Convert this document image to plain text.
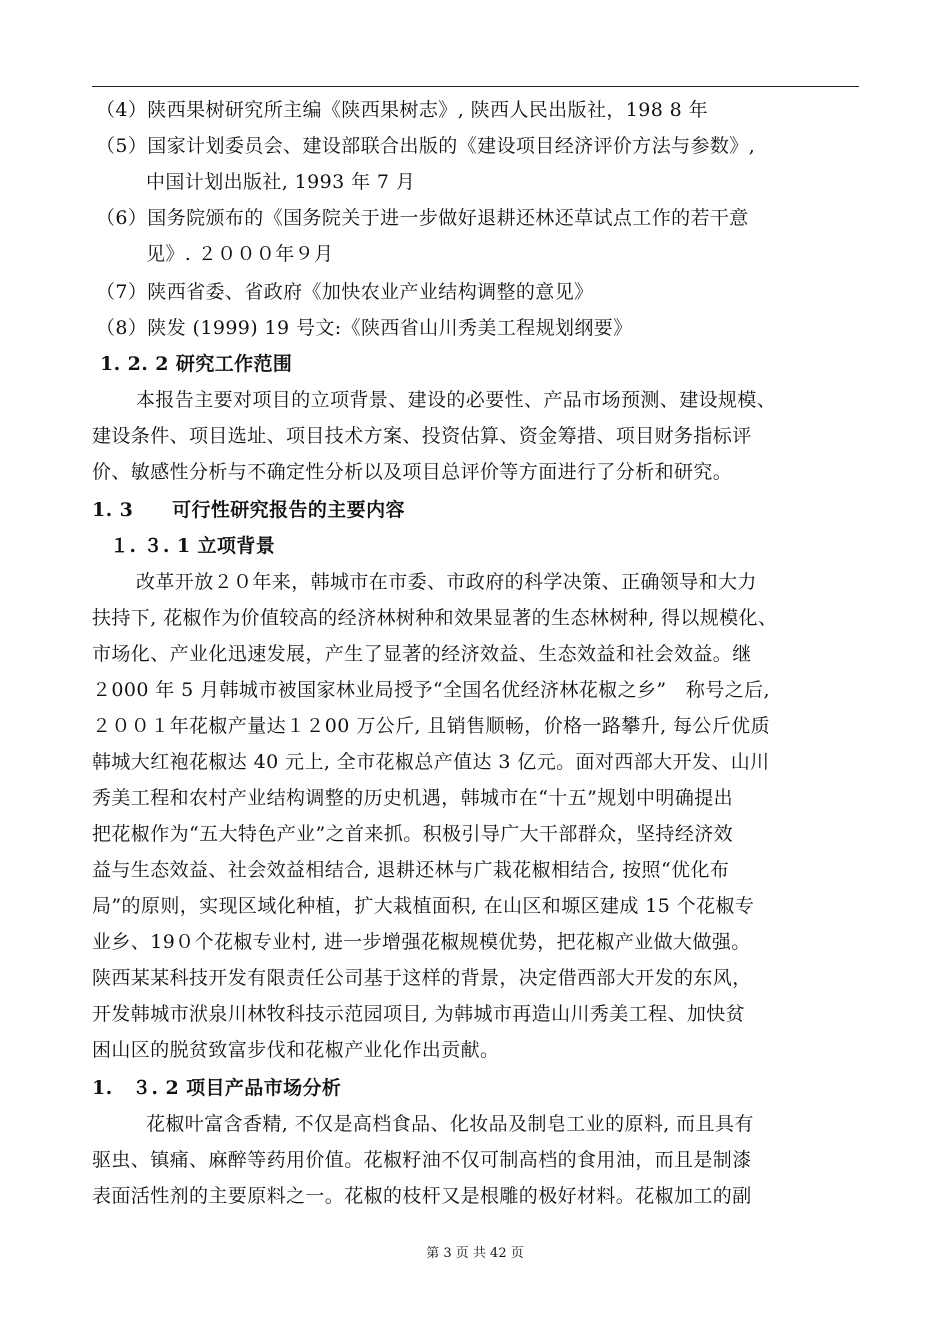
（4）陕西果树研究所主编《陕西果树志》, 陕西人民出版社，198 8 年
（5）国家计划委员会、建设部联合出版的《建设项目经济评价方法与参数》,
中国计划出版社, 1993 年 7 月
（6）国务院颁布的《国务院关于进一步做好退耕还林还草试点工作的若干意
见》. ２０００年９月
（7）陕西省委、省政府《加快农业产业结构调整的意见》
（8）陕发 (1999) 19 号文:《陕西省山川秀美工程规划纲要》
1. 2. 2 研究工作范围
本报告主要对项目的立项背景、建设的必要性、产品市场预测、建设规模、
建设条件、项目选址、项目技术方案、投资估算、资金筹措、项目财务指标评
价、敏感性分析与不确定性分析以及项目总评价等方面进行了分析和研究。
1. 3　　可行性研究报告的主要内容
１. ３. 1 立项背景
改革开放２０年来，韩城市在市委、市政府的科学决策、正确领导和大力
扶持下, 花椒作为价值较高的经济林树种和效果显著的生态林树种, 得以规模化、
市场化、产业化迅速发展，产生了显著的经济效益、生态效益和社会效益。继
２000 年 5 月韩城市被国家林业局授予“全国名优经济林花椒之乡”　称号之后,
２００１年花椒产量达１２00 万公斤, 且销售顺畅，价格一路攀升, 每公斤优质
韩城大红袍花椒达 40 元上, 全市花椒总产值达 3 亿元。面对西部大开发、山川
秀美工程和农村产业结构调整的历史机遇，韩城市在“十五”规划中明确提出
把花椒作为“五大特色产业”之首来抓。积极引导广大干部群众，坚持经济效
益与生态效益、社会效益相结合, 退耕还林与广栽花椒相结合, 按照“优化布
局”的原则，实现区域化种植，扩大栽植面积, 在山区和塬区建成 15 个花椒专
业乡、19０个花椒专业村, 进一步增强花椒规模优势，把花椒产业做大做强。
陕西某某科技开发有限责任公司基于这样的背景，决定借西部大开发的东风，
开发韩城市洑泉川林牧科技示范园项目, 为韩城市再造山川秀美工程、加快贫
困山区的脱贫致富步伐和花椒产业化作出贡献。
1.　３. 2 项目产品市场分析
花椒叶富含香精, 不仅是高档食品、化妆品及制皂工业的原料, 而且具有
驱虫、镇痛、麻醉等药用价值。花椒籽油不仅可制高档的食用油，而且是制漆
表面活性剂的主要原料之一。花椒的枝杆又是根雕的极好材料。花椒加工的副
第 3 页 共 42 页
